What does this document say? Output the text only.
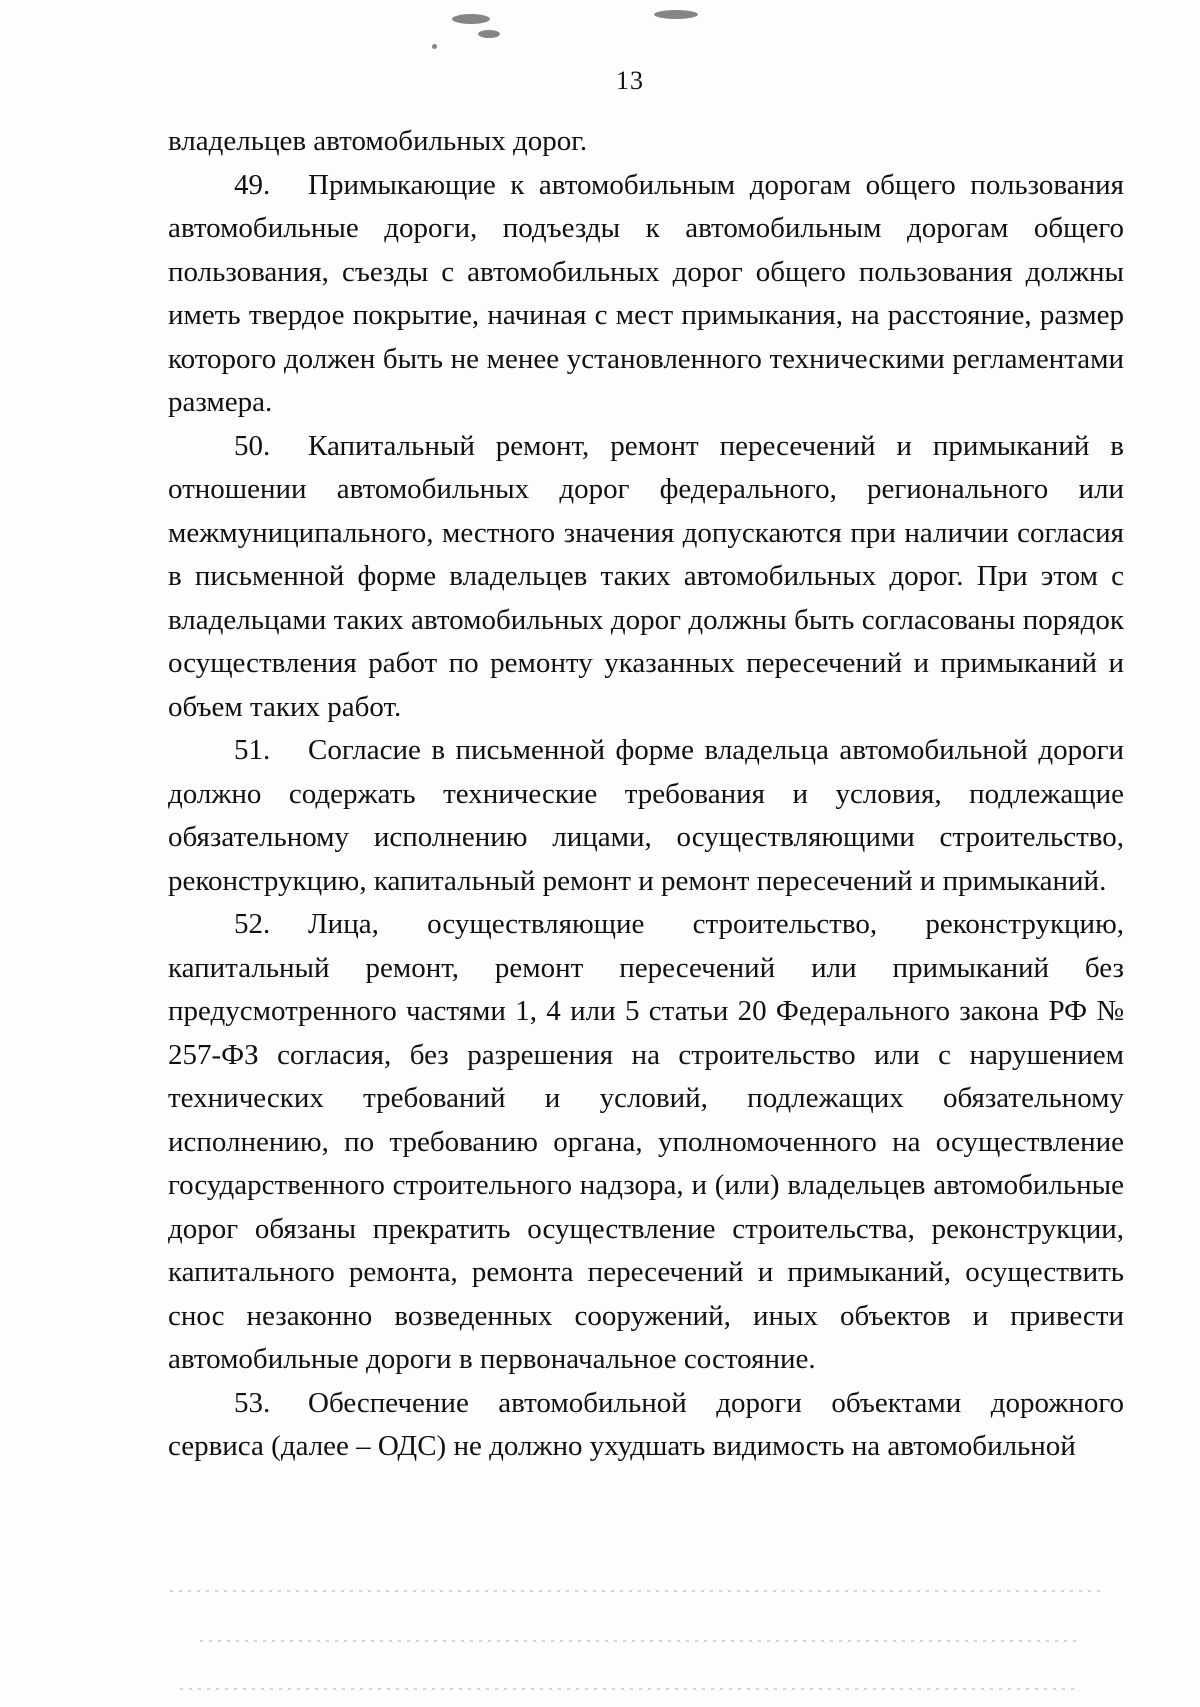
13

владельцев автомобильных дорог.

49. Примыкающие к автомобильным дорогам общего пользования автомобильные дороги, подъезды к автомобильным дорогам общего пользования, съезды с автомобильных дорог общего пользования должны иметь твердое покрытие, начиная с мест примыкания, на расстояние, размер которого должен быть не менее установленного техническими регламентами размера.

50. Капитальный ремонт, ремонт пересечений и примыканий в отношении автомобильных дорог федерального, регионального или межмуниципального, местного значения допускаются при наличии согласия в письменной форме владельцев таких автомобильных дорог. При этом с владельцами таких автомобильных дорог должны быть согласованы порядок осуществления работ по ремонту указанных пересечений и примыканий и объем таких работ.

51. Согласие в письменной форме владельца автомобильной дороги должно содержать технические требования и условия, подлежащие обязательному исполнению лицами, осуществляющими строительство, реконструкцию, капитальный ремонт и ремонт пересечений и примыканий.

52. Лица, осуществляющие строительство, реконструкцию, капитальный ремонт, ремонт пересечений или примыканий без предусмотренного частями 1, 4 или 5 статьи 20 Федерального закона РФ № 257-ФЗ согласия, без разрешения на строительство или с нарушением технических требований и условий, подлежащих обязательному исполнению, по требованию органа, уполномоченного на осуществление государственного строительного надзора, и (или) владельцев автомобильные дорог обязаны прекратить осуществление строительства, реконструкции, капитального ремонта, ремонта пересечений и примыканий, осуществить снос незаконно возведенных сооружений, иных объектов и привести автомобильные дороги в первоначальное состояние.

53. Обеспечение автомобильной дороги объектами дорожного сервиса (далее – ОДС) не должно ухудшать видимость на автомобильной
